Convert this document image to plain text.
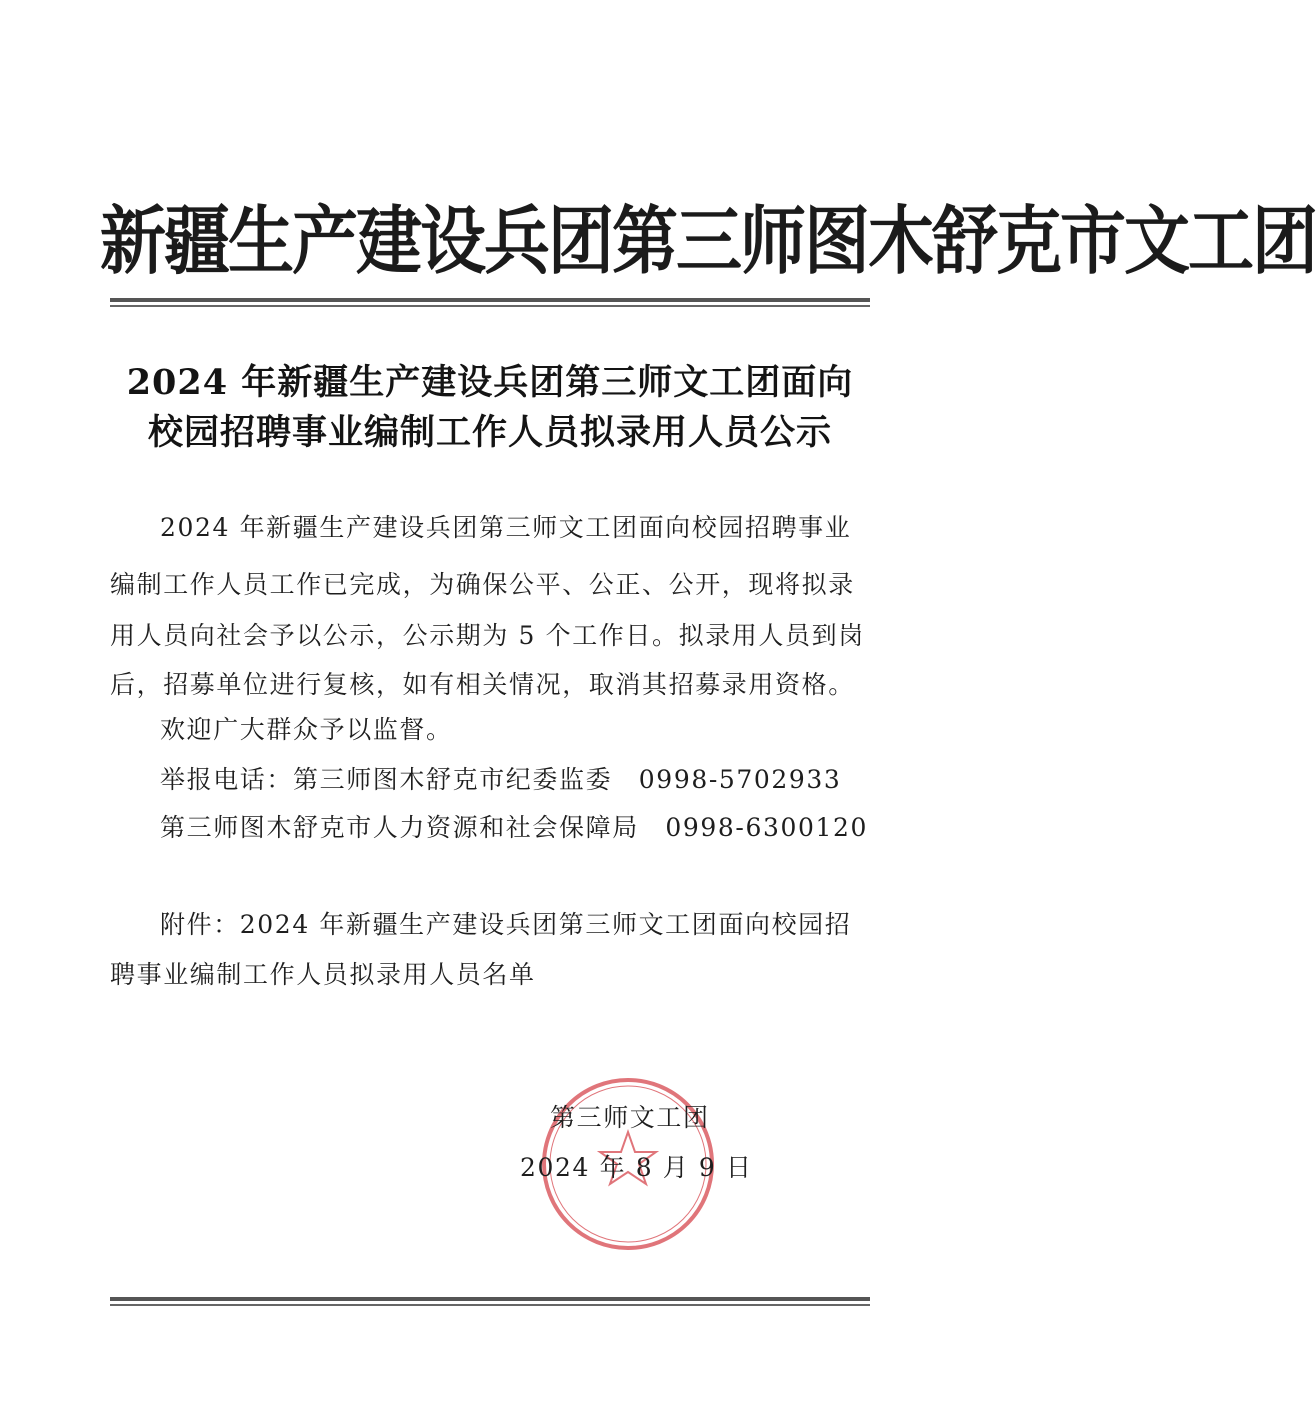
新疆生产建设兵团第三师图木舒克市文工团
2024 年新疆生产建设兵团第三师文工团面向
校园招聘事业编制工作人员拟录用人员公示
2024 年新疆生产建设兵团第三师文工团面向校园招聘事业
编制工作人员工作已完成，为确保公平、公正、公开，现将拟录
用人员向社会予以公示，公示期为 5 个工作日。拟录用人员到岗
后，招募单位进行复核，如有相关情况，取消其招募录用资格。
欢迎广大群众予以监督。
举报电话：第三师图木舒克市纪委监委　0998-5702933
第三师图木舒克市人力资源和社会保障局　0998-6300120
附件：2024 年新疆生产建设兵团第三师文工团面向校园招
聘事业编制工作人员拟录用人员名单
第三师文工团
2024 年 8 月 9 日
